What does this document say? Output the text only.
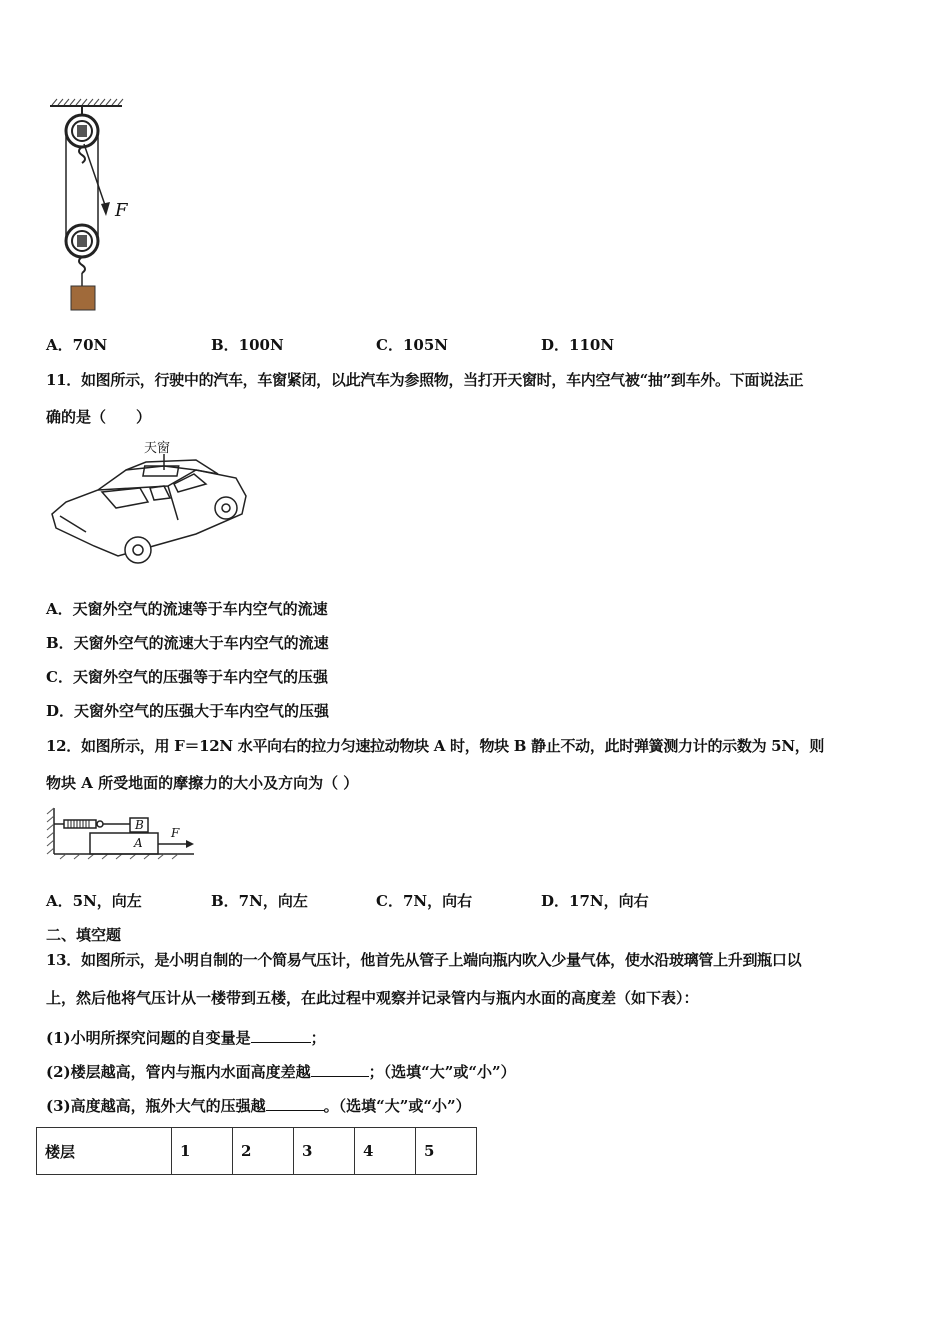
F
A．70N	B．100N	C．105N	D．110N
11．如图所示，行驶中的汽车，车窗紧闭，以此汽车为参照物，当打开天窗时，车内空气被“抽”到车外。下面说法正
确的是（　　）
天窗
A．天窗外空气的流速等于车内空气的流速
B．天窗外空气的流速大于车内空气的流速
C．天窗外空气的压强等于车内空气的压强
D．天窗外空气的压强大于车内空气的压强
12．如图所示，用 F＝12N 水平向右的拉力匀速拉动物块 A 时，物块 B 静止不动，此时弹簧测力计的示数为 5N，则
物块 A 所受地面的摩擦力的大小及方向为（ ）
B
A
F
A．5N，向左	B．7N，向左	C．7N，向右	D．17N，向右
二、填空题
13．如图所示，是小明自制的一个简易气压计，他首先从管子上端向瓶内吹入少量气体，使水沿玻璃管上升到瓶口以
上，然后他将气压计从一楼带到五楼，在此过程中观察并记录管内与瓶内水面的高度差（如下表）：
(1)小明所探究问题的自变量是	；
(2)楼层越高，管内与瓶内水面高度差越	；（选填“大”或“小”）
(3)高度越高，瓶外大气的压强越	。（选填“大”或“小”）
楼层	1	2	3	4	5
